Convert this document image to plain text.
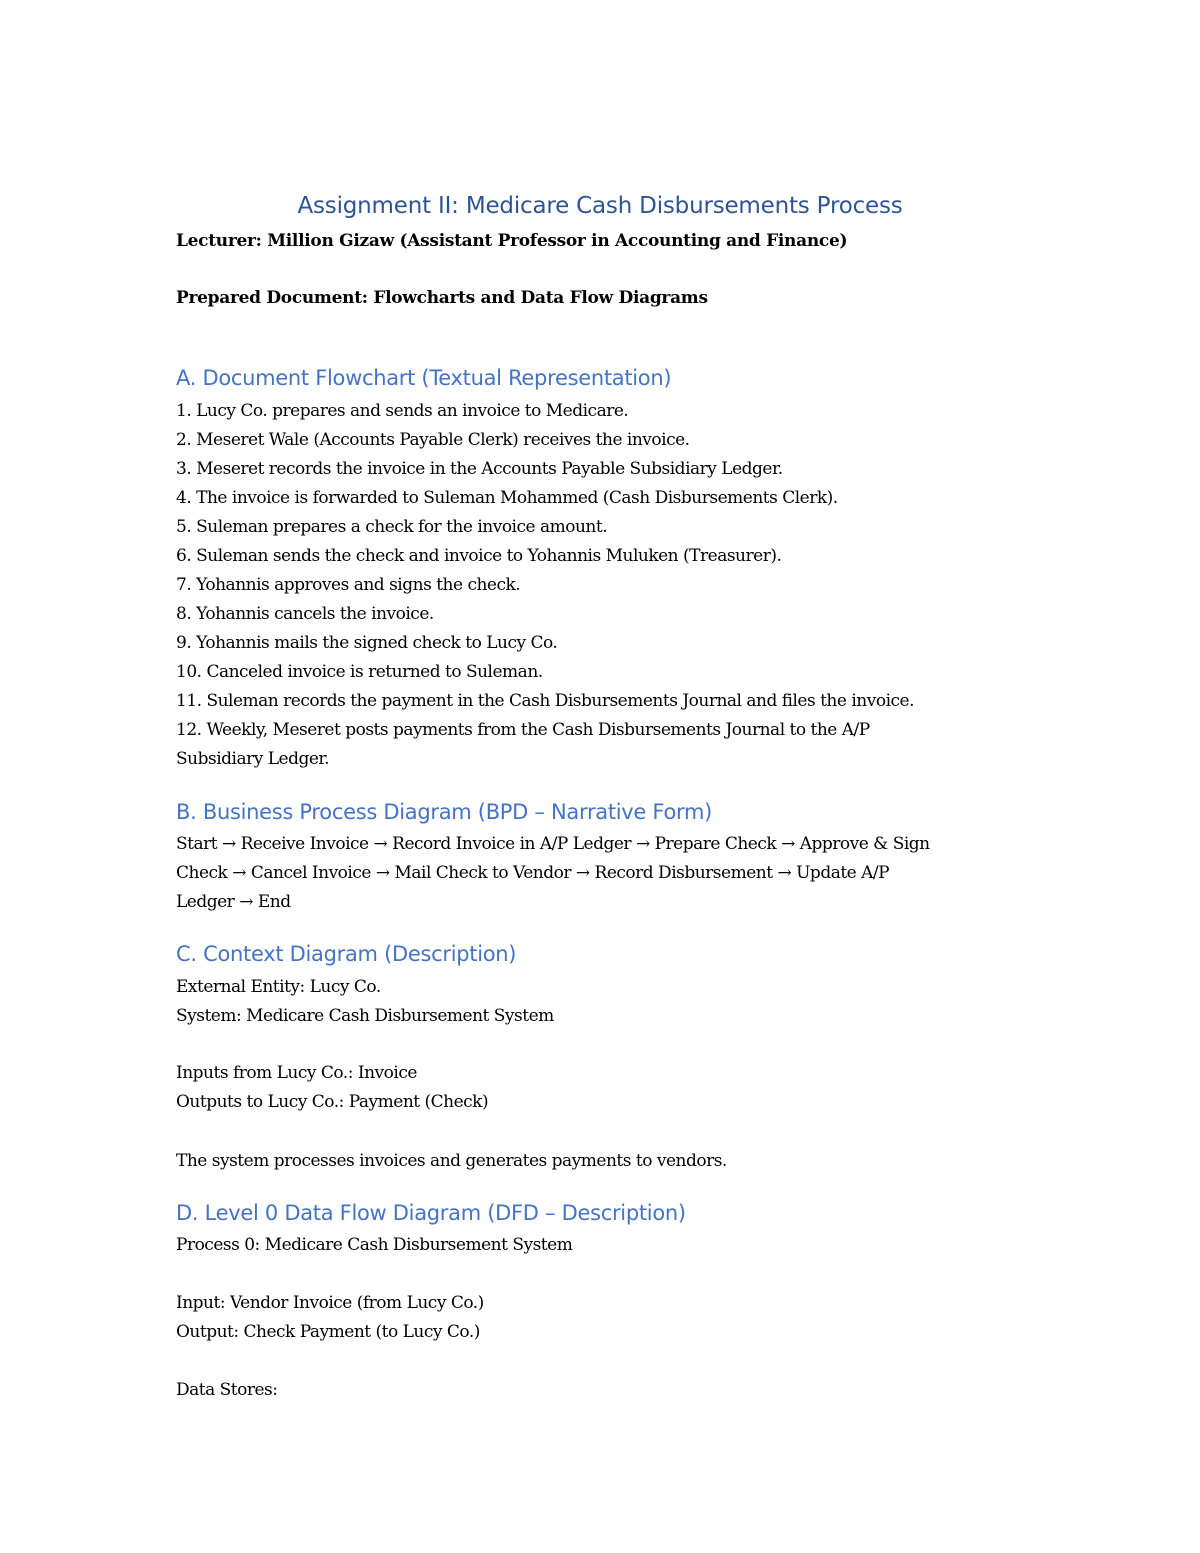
Assignment II: Medicare Cash Disbursements Process
Lecturer: Million Gizaw (Assistant Professor in Accounting and Finance)
Prepared Document: Flowcharts and Data Flow Diagrams
A. Document Flowchart (Textual Representation)
1. Lucy Co. prepares and sends an invoice to Medicare.
2. Meseret Wale (Accounts Payable Clerk) receives the invoice.
3. Meseret records the invoice in the Accounts Payable Subsidiary Ledger.
4. The invoice is forwarded to Suleman Mohammed (Cash Disbursements Clerk).
5. Suleman prepares a check for the invoice amount.
6. Suleman sends the check and invoice to Yohannis Muluken (Treasurer).
7. Yohannis approves and signs the check.
8. Yohannis cancels the invoice.
9. Yohannis mails the signed check to Lucy Co.
10. Canceled invoice is returned to Suleman.
11. Suleman records the payment in the Cash Disbursements Journal and files the invoice.
12. Weekly, Meseret posts payments from the Cash Disbursements Journal to the A/P
Subsidiary Ledger.
B. Business Process Diagram (BPD – Narrative Form)
Start → Receive Invoice → Record Invoice in A/P Ledger → Prepare Check → Approve & Sign
Check → Cancel Invoice → Mail Check to Vendor → Record Disbursement → Update A/P
Ledger → End
C. Context Diagram (Description)
External Entity: Lucy Co.
System: Medicare Cash Disbursement System
Inputs from Lucy Co.: Invoice
Outputs to Lucy Co.: Payment (Check)
The system processes invoices and generates payments to vendors.
D. Level 0 Data Flow Diagram (DFD – Description)
Process 0: Medicare Cash Disbursement System
Input: Vendor Invoice (from Lucy Co.)
Output: Check Payment (to Lucy Co.)
Data Stores:
